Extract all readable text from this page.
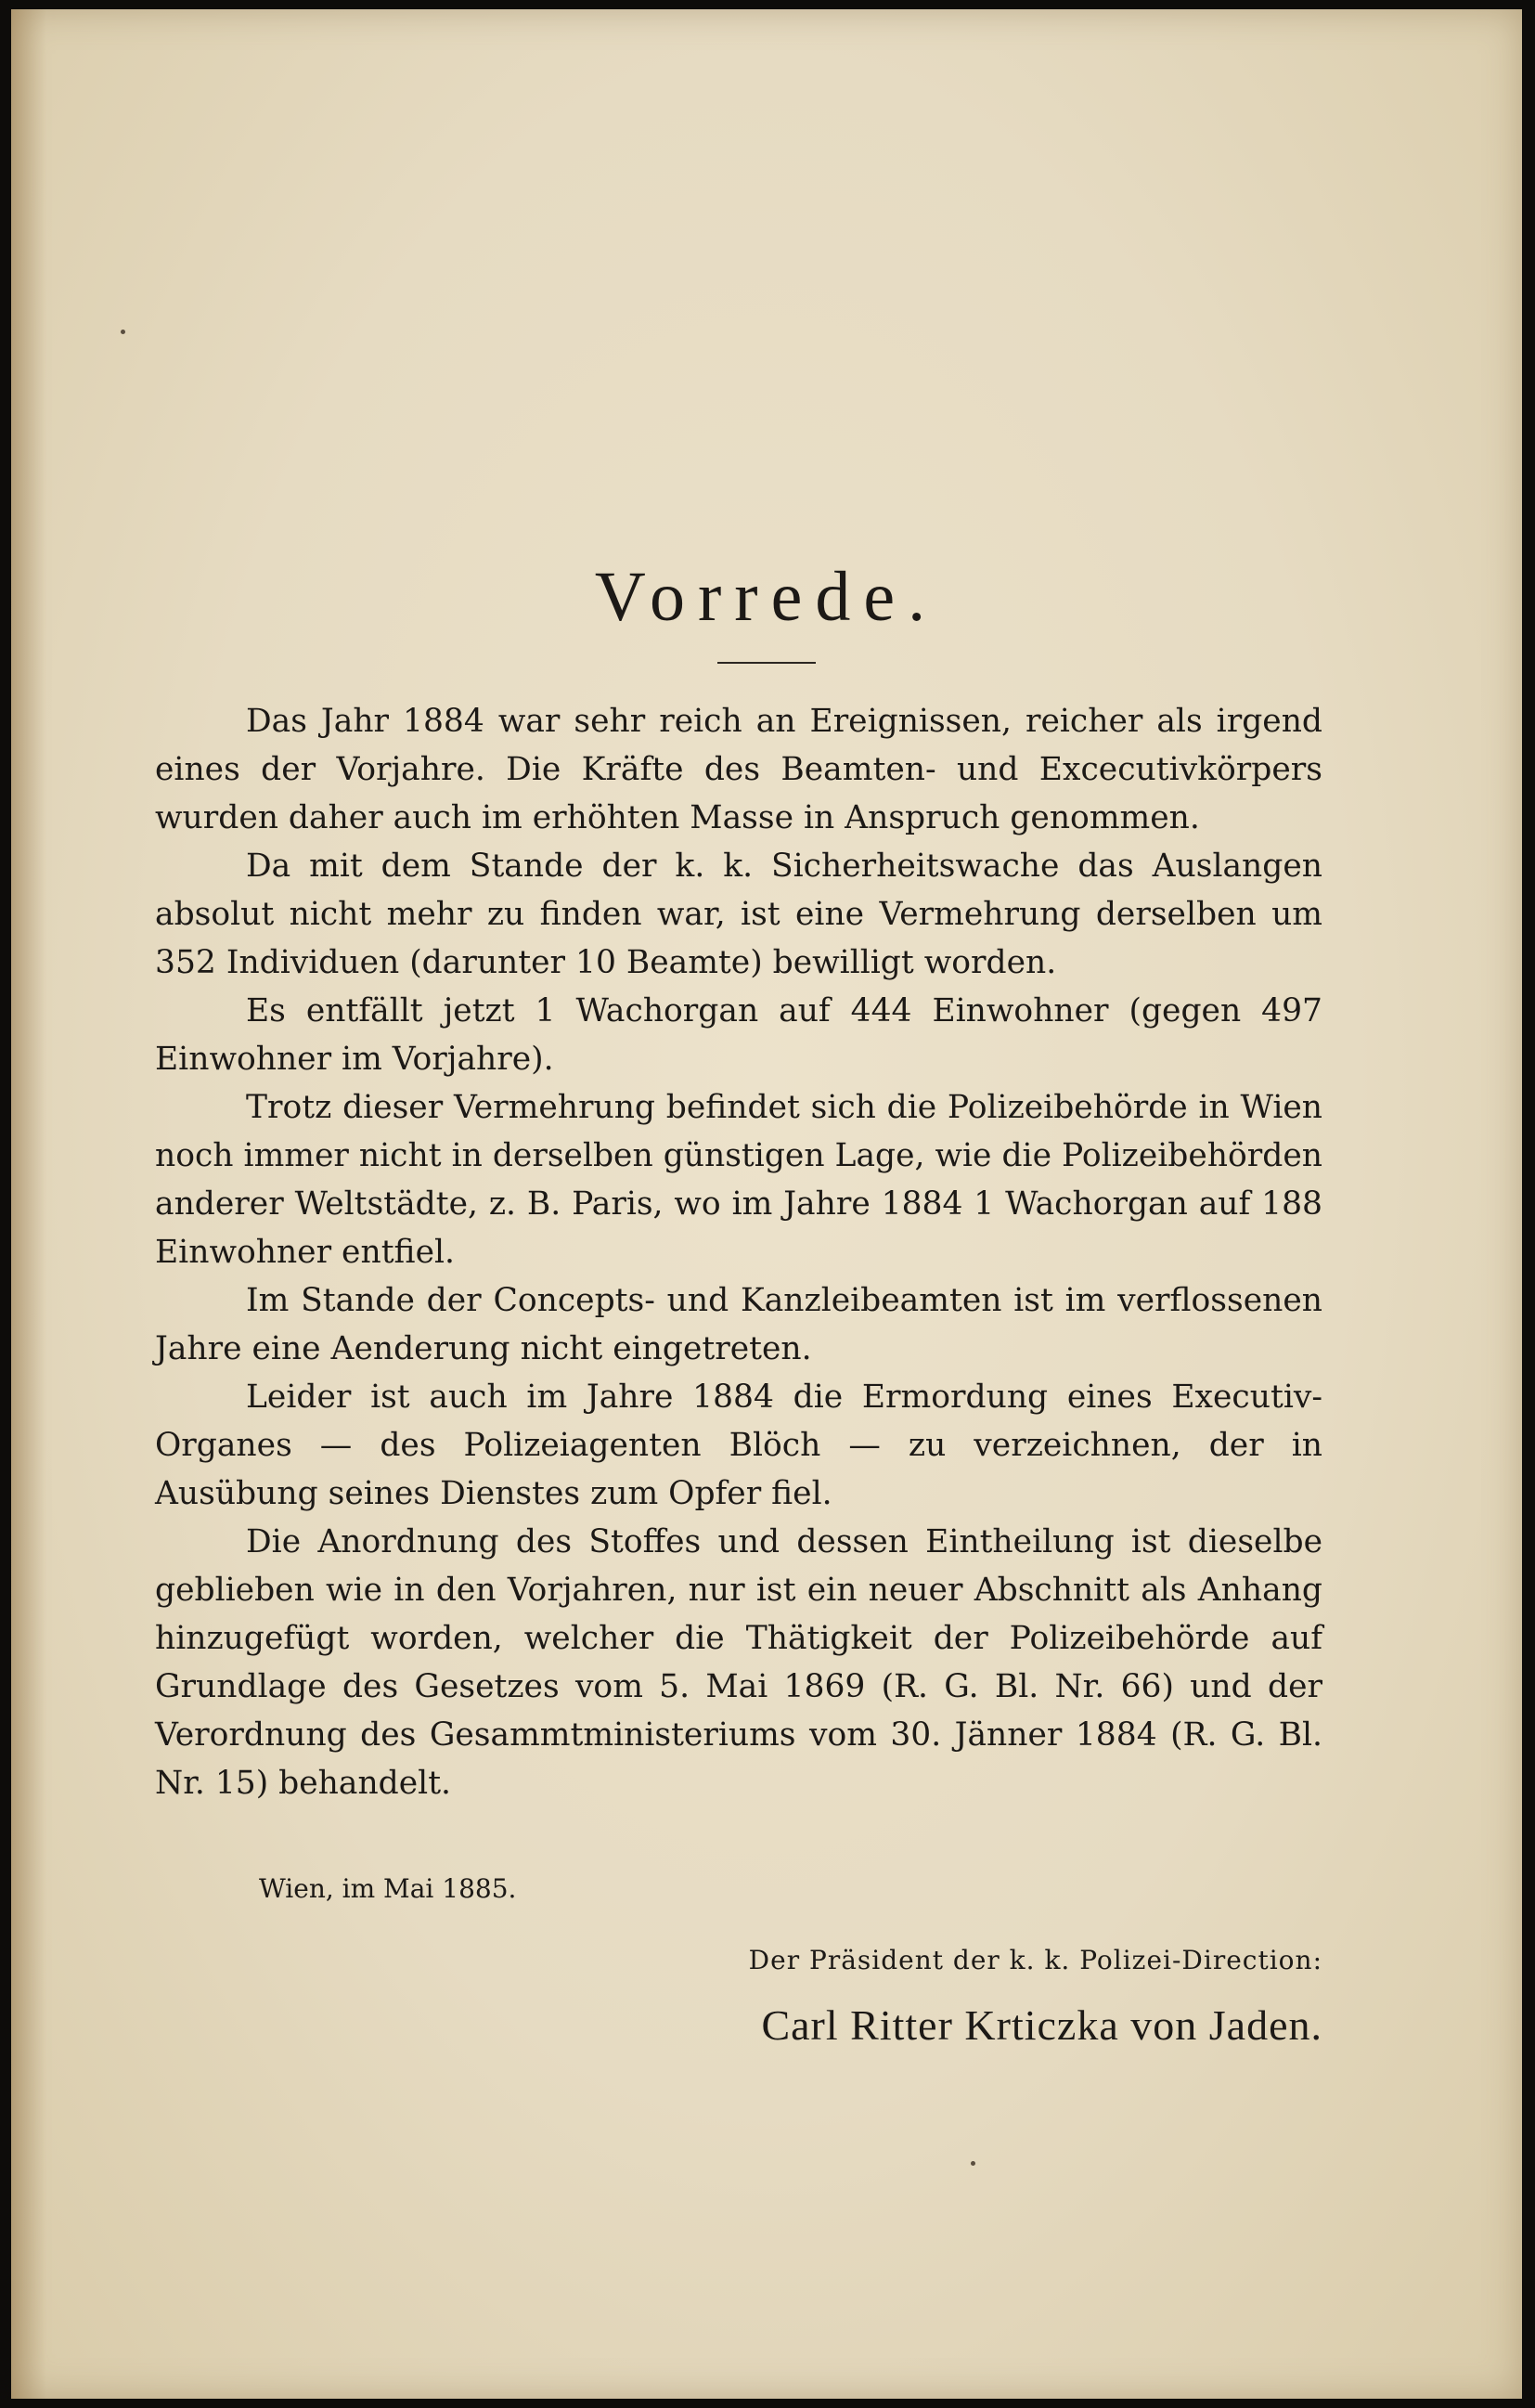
Vorrede.

Das Jahr 1884 war sehr reich an Ereignissen, reicher als irgend eines der Vorjahre. Die Kräfte des Beamten- und Excecutivkörpers wurden daher auch im erhöhten Masse in Anspruch genommen.

Da mit dem Stande der k. k. Sicherheitswache das Auslangen absolut nicht mehr zu finden war, ist eine Vermehrung derselben um 352 Individuen (darunter 10 Beamte) bewilligt worden.

Es entfällt jetzt 1 Wachorgan auf 444 Einwohner (gegen 497 Einwohner im Vorjahre).

Trotz dieser Vermehrung befindet sich die Polizeibehörde in Wien noch immer nicht in derselben günstigen Lage, wie die Polizeibehörden anderer Weltstädte, z. B. Paris, wo im Jahre 1884 1 Wachorgan auf 188 Einwohner entfiel.

Im Stande der Concepts- und Kanzleibeamten ist im verflossenen Jahre eine Aenderung nicht eingetreten.

Leider ist auch im Jahre 1884 die Ermordung eines Executiv-Organes — des Polizeiagenten Blöch — zu verzeichnen, der in Ausübung seines Dienstes zum Opfer fiel.

Die Anordnung des Stoffes und dessen Eintheilung ist dieselbe geblieben wie in den Vorjahren, nur ist ein neuer Abschnitt als Anhang hinzugefügt worden, welcher die Thätigkeit der Polizeibehörde auf Grundlage des Gesetzes vom 5. Mai 1869 (R. G. Bl. Nr. 66) und der Verordnung des Gesammtministeriums vom 30. Jänner 1884 (R. G. Bl. Nr. 15) behandelt.

Wien, im Mai 1885.
Der Präsident der k. k. Polizei-Direction:
Carl Ritter Krticzka von Jaden.
